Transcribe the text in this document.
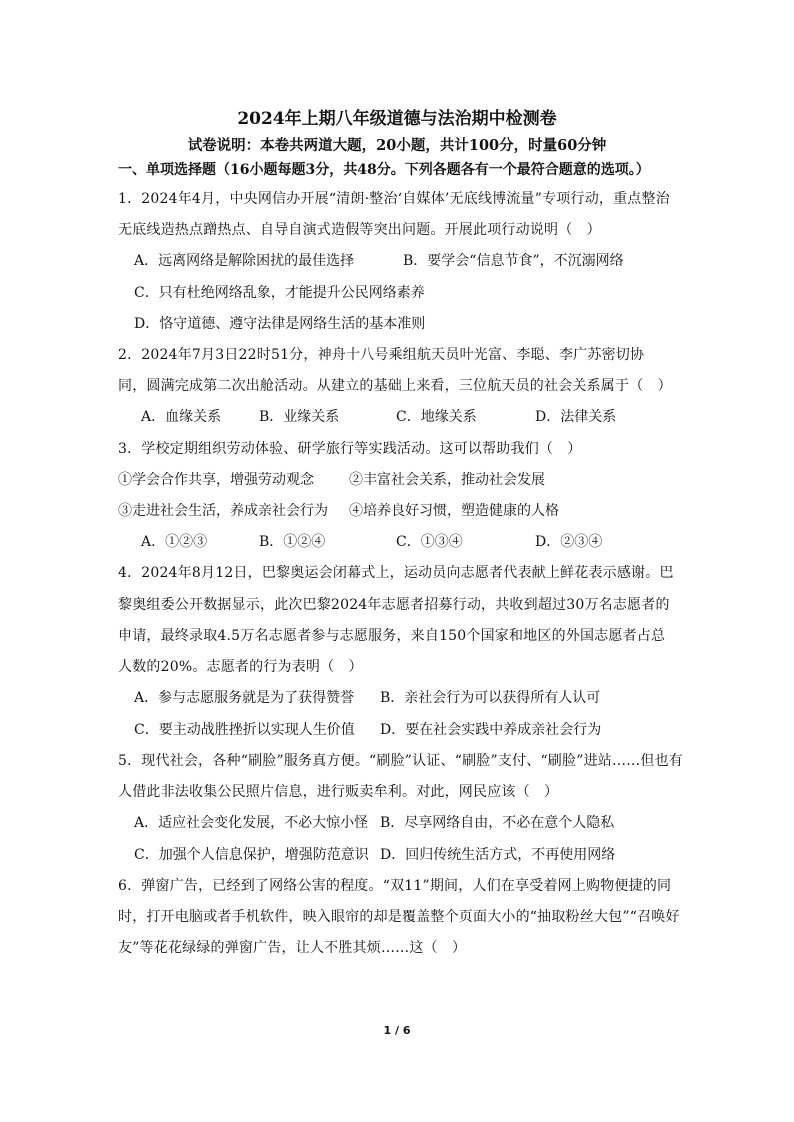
2024年上期八年级道德与法治期中检测卷
试卷说明：本卷共两道大题，20小题，共计100分，时量60分钟
一、单项选择题（16小题每题3分，共48分。下列各题各有一个最符合题意的选项。）
1．2024年4月，中央网信办开展“清朗·整治‘自媒体’无底线博流量”专项行动，重点整治
无底线造热点蹭热点、自导自演式造假等突出问题。开展此项行动说明（　）
A．远离网络是解除困扰的最佳选择	B．要学会“信息节食”，不沉溺网络
C．只有杜绝网络乱象，才能提升公民网络素养
D．恪守道德、遵守法律是网络生活的基本准则
2．2024年7月3日22时51分，神舟十八号乘组航天员叶光富、李聪、李广苏密切协
同，圆满完成第二次出舱活动。从建立的基础上来看，三位航天员的社会关系属于（　）
A．血缘关系	B．业缘关系	C．地缘关系	D．法律关系
3．学校定期组织劳动体验、研学旅行等实践活动。这可以帮助我们（　）
①学会合作共享，增强劳动观念	②丰富社会关系，推动社会发展
③走进社会生活，养成亲社会行为 ④培养良好习惯，塑造健康的人格
A．①②③	B．①②④	C．①③④	D．②③④
4．2024年8月12日，巴黎奥运会闭幕式上，运动员向志愿者代表献上鲜花表示感谢。巴
黎奥组委公开数据显示，此次巴黎2024年志愿者招募行动，共收到超过30万名志愿者的
申请，最终录取4.5万名志愿者参与志愿服务，来自150个国家和地区的外国志愿者占总
人数的20%。志愿者的行为表明（　）
A．参与志愿服务就是为了获得赞誉 B．亲社会行为可以获得所有人认可
C．要主动战胜挫折以实现人生价值 D．要在社会实践中养成亲社会行为
5．现代社会，各种“刷脸”服务真方便。“刷脸”认证、“刷脸”支付、“刷脸”进站……但也有
人借此非法收集公民照片信息，进行贩卖牟利。对此，网民应该（　）
A．适应社会变化发展，不必大惊小怪 B．尽享网络自由，不必在意个人隐私
C．加强个人信息保护，增强防范意识 D．回归传统生活方式，不再使用网络
6．弹窗广告，已经到了网络公害的程度。“双11”期间，人们在享受着网上购物便捷的同
时，打开电脑或者手机软件，映入眼帘的却是覆盖整个页面大小的“抽取粉丝大包”“召唤好
友”等花花绿绿的弹窗广告，让人不胜其烦……这（　）
1 / 6
